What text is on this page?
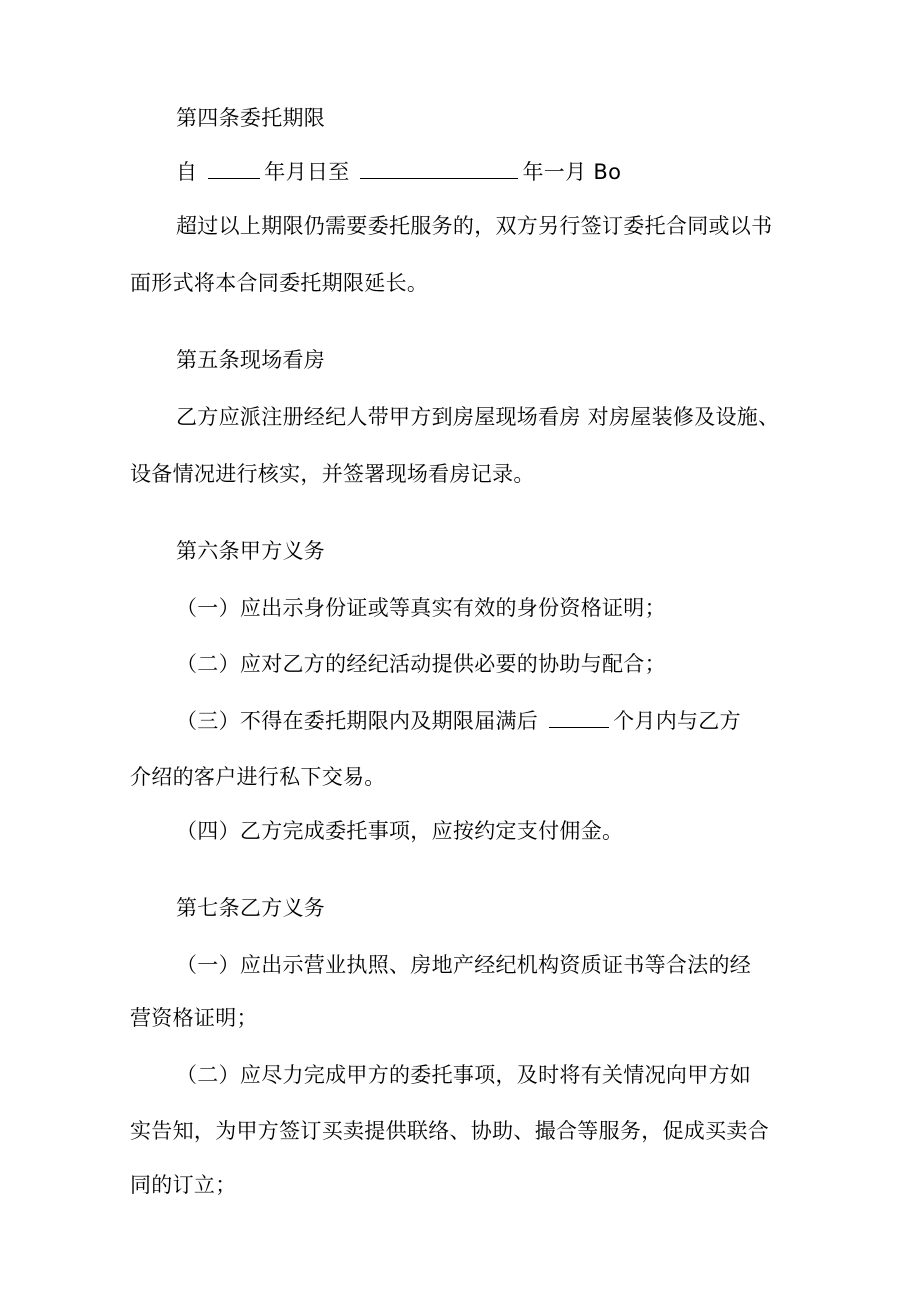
第四条委托期限
自	年月日至	年一月 Bo
超过以上期限仍需要委托服务的，双方另行签订委托合同或以书
面形式将本合同委托期限延长。
第五条现场看房
乙方应派注册经纪人带甲方到房屋现场看房 对房屋装修及设施、
设备情况进行核实，并签署现场看房记录。
第六条甲方义务
（一）应出示身份证或等真实有效的身份资格证明；
（二）应对乙方的经纪活动提供必要的协助与配合；
（三）不得在委托期限内及期限届满后	个月内与乙方
介绍的客户进行私下交易。
（四）乙方完成委托事项，应按约定支付佣金。
第七条乙方义务
（一）应出示营业执照、房地产经纪机构资质证书等合法的经
营资格证明；
（二）应尽力完成甲方的委托事项，及时将有关情况向甲方如
实告知，为甲方签订买卖提供联络、协助、撮合等服务，促成买卖合
同的订立；
